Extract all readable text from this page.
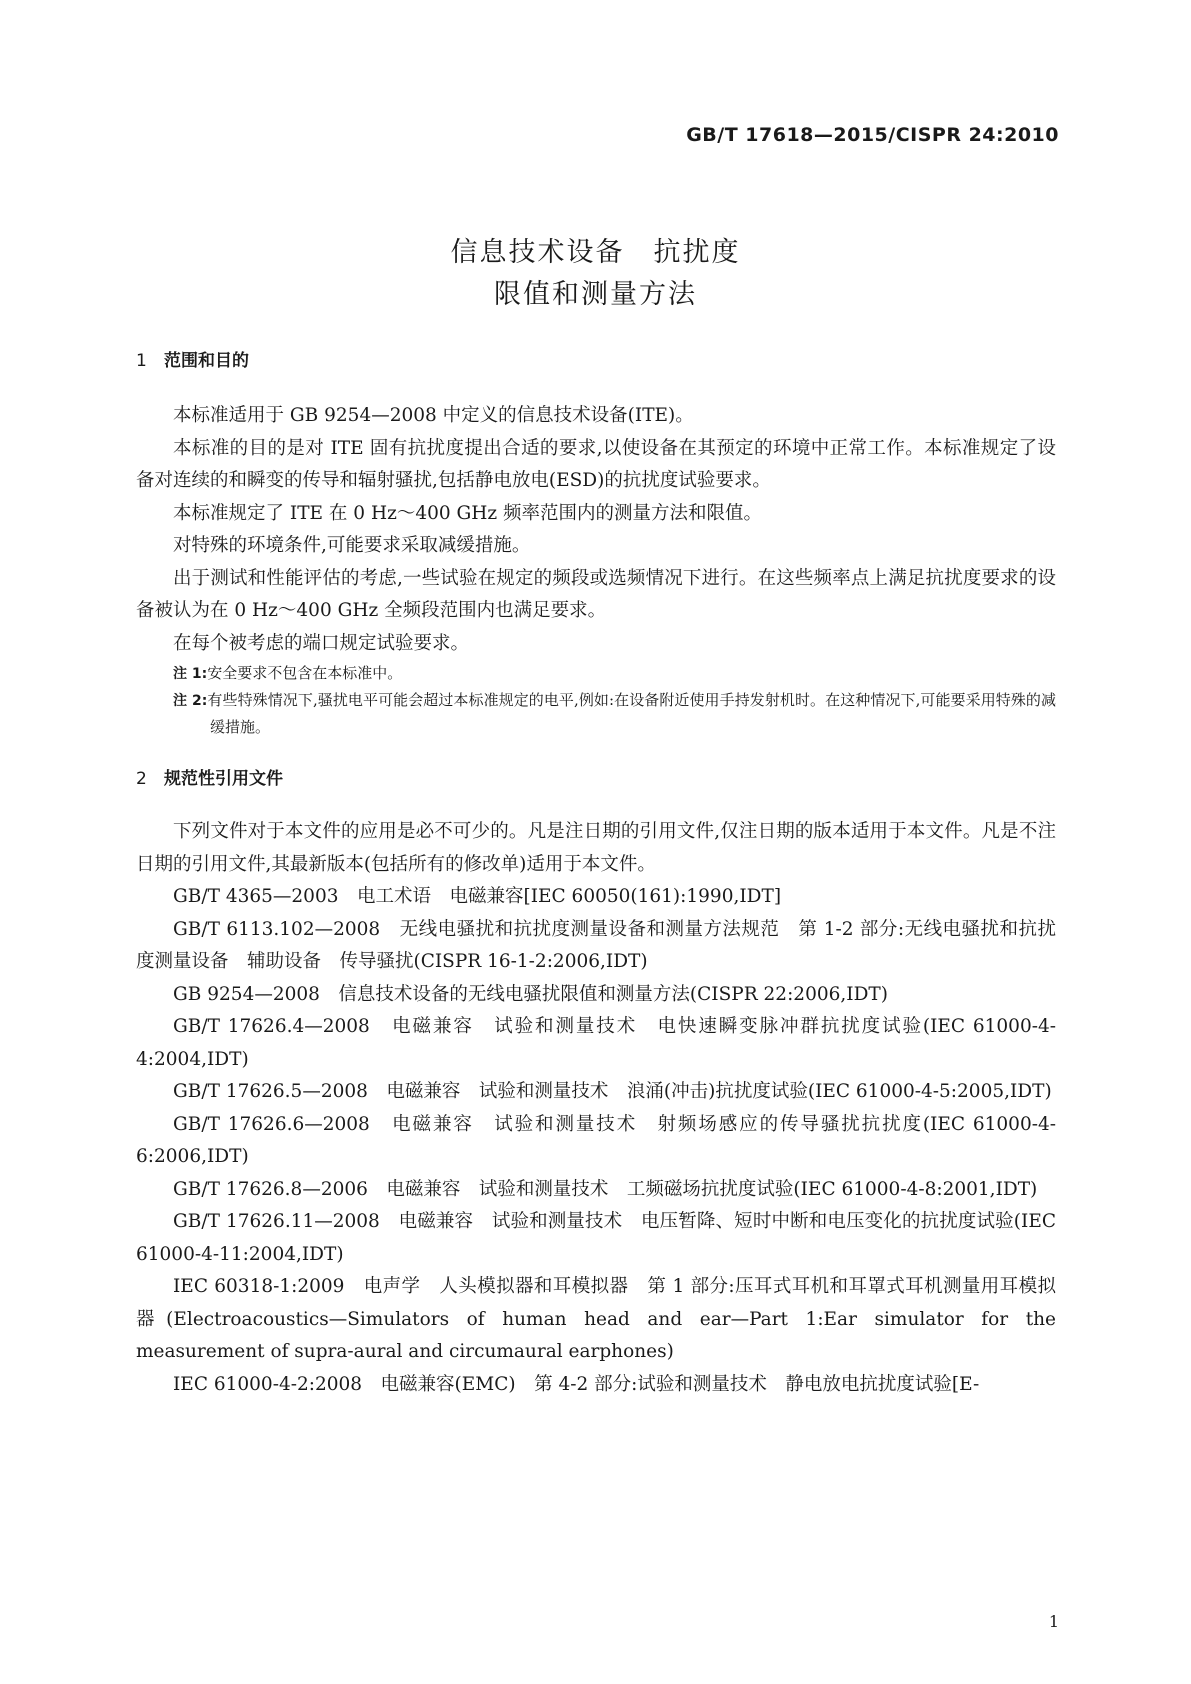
GB/T 17618—2015/CISPR 24:2010
信息技术设备　抗扰度
限值和测量方法
1 范围和目的

本标准适用于 GB 9254—2008 中定义的信息技术设备(ITE)。

本标准的目的是对 ITE 固有抗扰度提出合适的要求,以使设备在其预定的环境中正常工作。本标准规定了设备对连续的和瞬变的传导和辐射骚扰,包括静电放电(ESD)的抗扰度试验要求。

本标准规定了 ITE 在 0 Hz～400 GHz 频率范围内的测量方法和限值。

对特殊的环境条件,可能要求采取减缓措施。

出于测试和性能评估的考虑,一些试验在规定的频段或选频情况下进行。在这些频率点上满足抗扰度要求的设备被认为在 0 Hz～400 GHz 全频段范围内也满足要求。

在每个被考虑的端口规定试验要求。

注 1:安全要求不包含在本标准中。
注 2:有些特殊情况下,骚扰电平可能会超过本标准规定的电平,例如:在设备附近使用手持发射机时。在这种情况下,可能要采用特殊的减缓措施。
2 规范性引用文件

下列文件对于本文件的应用是必不可少的。凡是注日期的引用文件,仅注日期的版本适用于本文件。凡是不注日期的引用文件,其最新版本(包括所有的修改单)适用于本文件。

GB/T 4365—2003　电工术语　电磁兼容[IEC 60050(161):1990,IDT]

GB/T 6113.102—2008　无线电骚扰和抗扰度测量设备和测量方法规范　第 1-2 部分:无线电骚扰和抗扰度测量设备　辅助设备　传导骚扰(CISPR 16-1-2:2006,IDT)

GB 9254—2008　信息技术设备的无线电骚扰限值和测量方法(CISPR 22:2006,IDT)

GB/T 17626.4—2008　电磁兼容　试验和测量技术　电快速瞬变脉冲群抗扰度试验(IEC 61000-4-4:2004,IDT)

GB/T 17626.5—2008　电磁兼容　试验和测量技术　浪涌(冲击)抗扰度试验(IEC 61000-4-5:2005,IDT)

GB/T 17626.6—2008　电磁兼容　试验和测量技术　射频场感应的传导骚扰抗扰度(IEC 61000-4-6:2006,IDT)

GB/T 17626.8—2006　电磁兼容　试验和测量技术　工频磁场抗扰度试验(IEC 61000-4-8:2001,IDT)

GB/T 17626.11—2008　电磁兼容　试验和测量技术　电压暂降、短时中断和电压变化的抗扰度试验(IEC 61000-4-11:2004,IDT)

IEC 60318-1:2009　电声学　人头模拟器和耳模拟器　第 1 部分:压耳式耳机和耳罩式耳机测量用耳模拟器(Electroacoustics—Simulators of human head and ear—Part 1:Ear simulator for the measurement of supra-aural and circumaural earphones)

IEC 61000-4-2:2008　电磁兼容(EMC)　第 4-2 部分:试验和测量技术　静电放电抗扰度试验[E-

1
